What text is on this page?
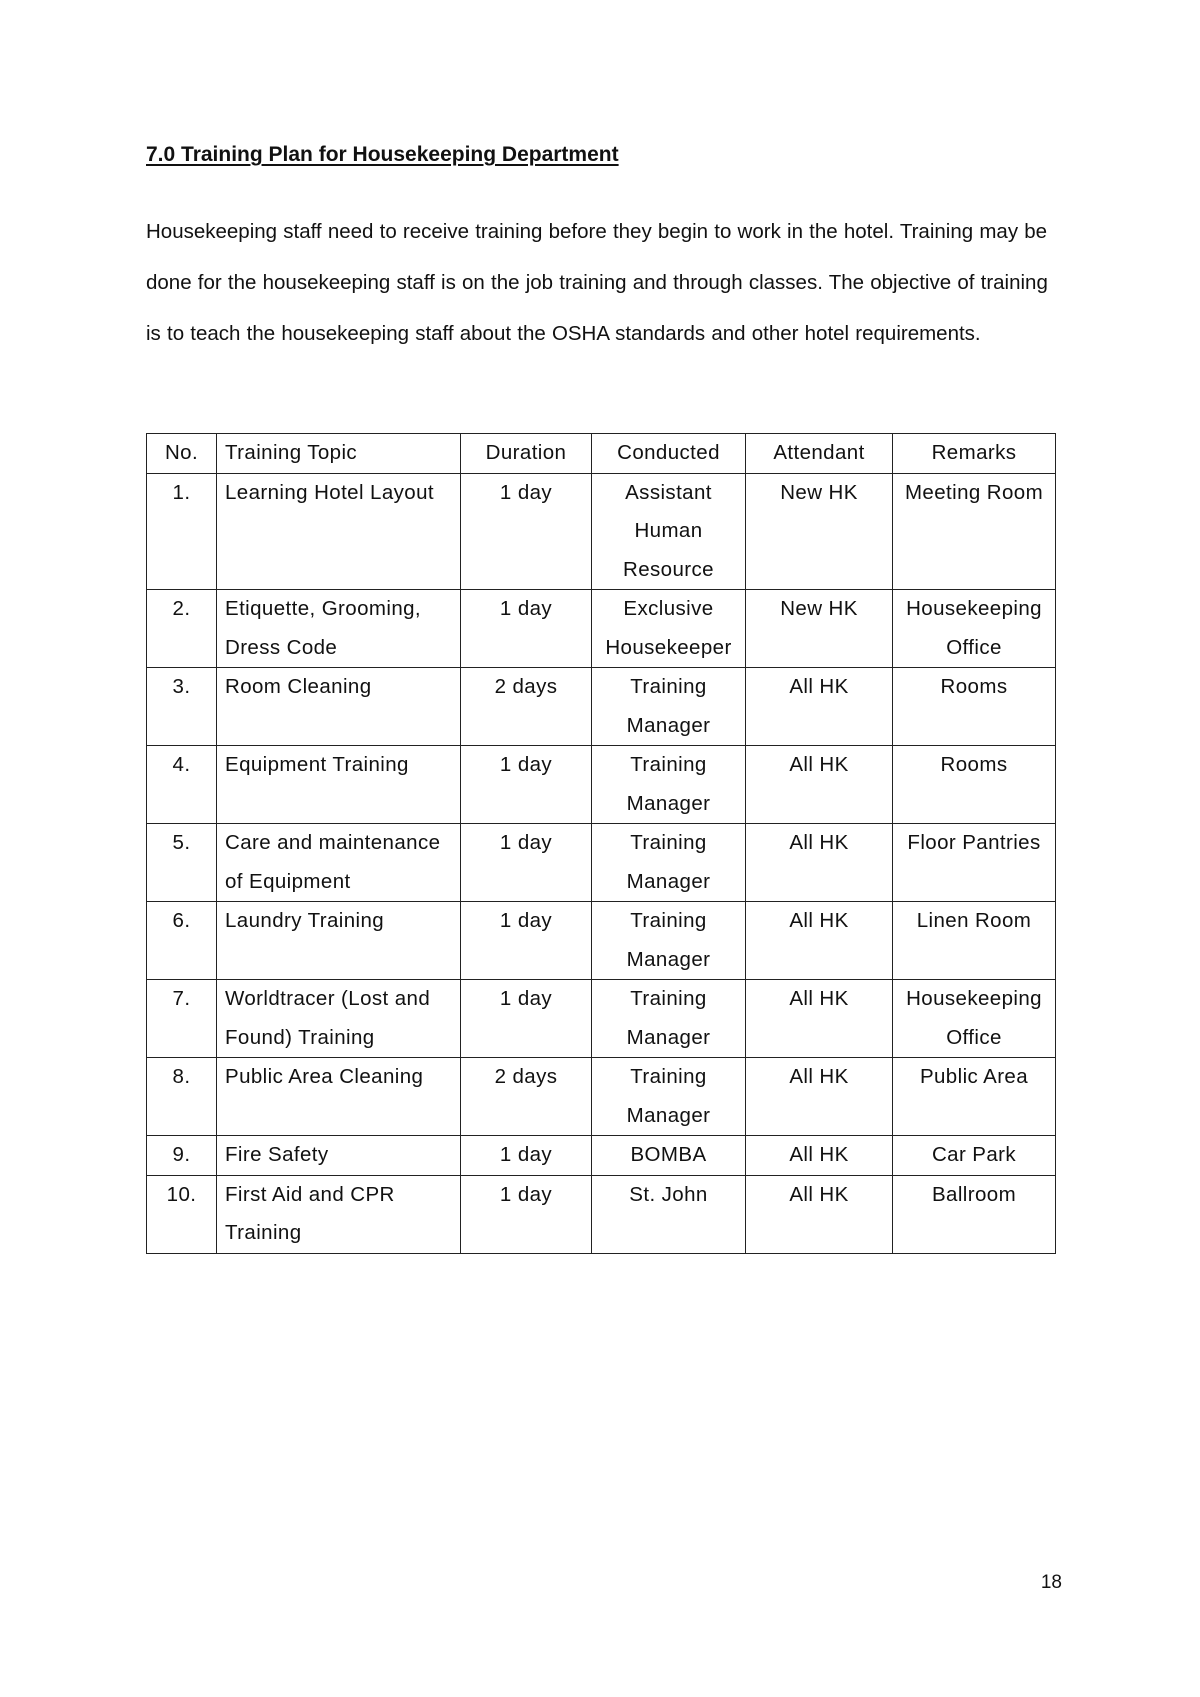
7.0 Training Plan for Housekeeping Department

Housekeeping staff need to receive training before they begin to work in the hotel. Training may be done for the housekeeping staff is on the job training and through classes. The objective of training is to teach the housekeeping staff about the OSHA standards and other hotel requirements.

No.	Training Topic	Duration	Conducted	Attendant	Remarks
1.	Learning Hotel Layout	1 day	Assistant Human Resource	New HK	Meeting Room
2.	Etiquette, Grooming, Dress Code	1 day	Exclusive Housekeeper	New HK	Housekeeping Office
3.	Room Cleaning	2 days	Training Manager	All HK	Rooms
4.	Equipment Training	1 day	Training Manager	All HK	Rooms
5.	Care and maintenance of Equipment	1 day	Training Manager	All HK	Floor Pantries
6.	Laundry Training	1 day	Training Manager	All HK	Linen Room
7.	Worldtracer (Lost and Found) Training	1 day	Training Manager	All HK	Housekeeping Office
8.	Public Area Cleaning	2 days	Training Manager	All HK	Public Area
9.	Fire Safety	1 day	BOMBA	All HK	Car Park
10.	First Aid and CPR Training	1 day	St. John	All HK	Ballroom

18
